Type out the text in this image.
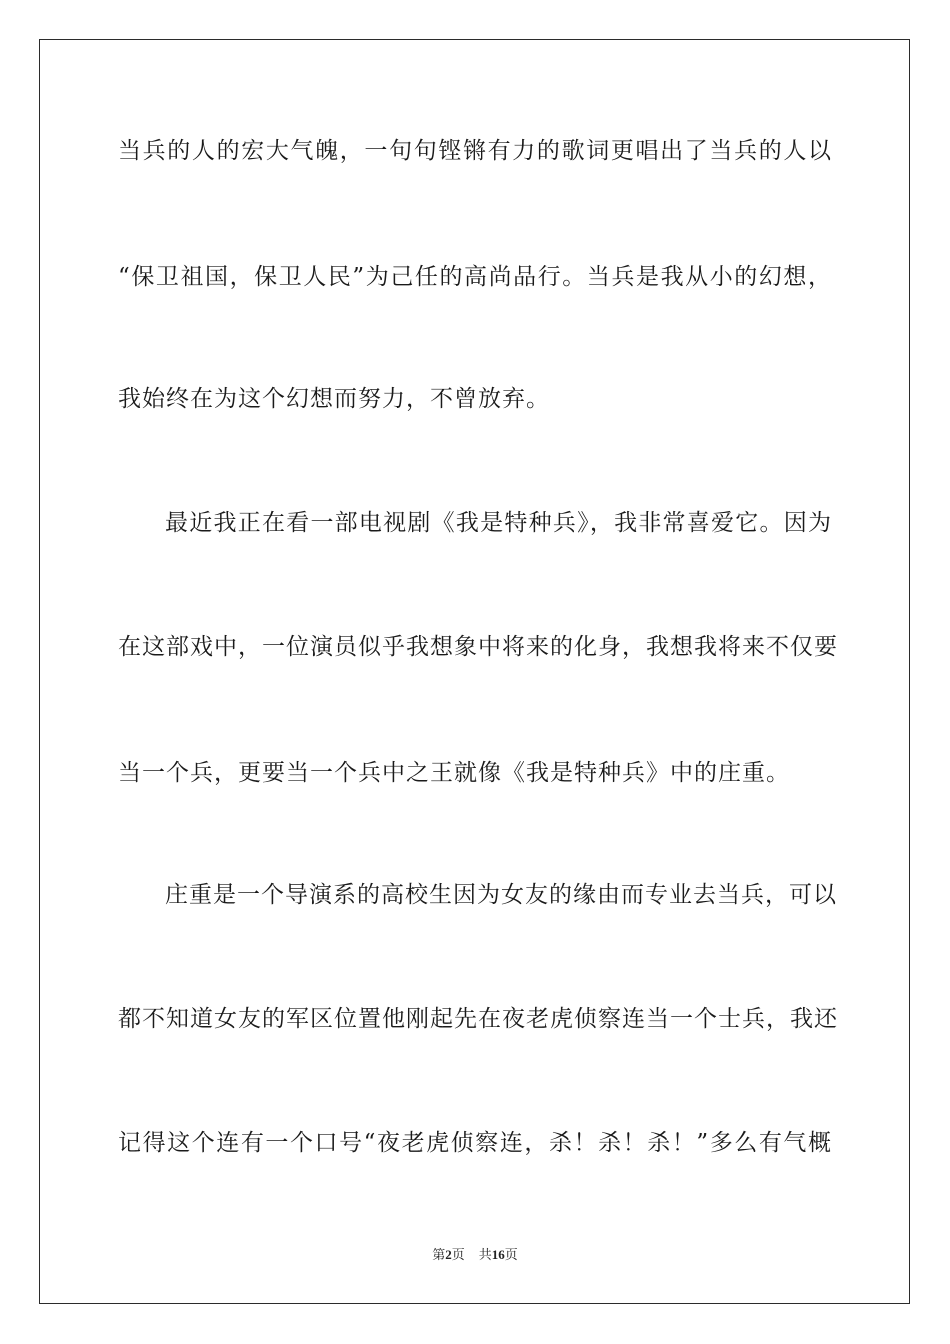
当兵的人的宏大气魄，一句句铿锵有力的歌词更唱出了当兵的人以
“保卫祖国，保卫人民”为己任的高尚品行。当兵是我从小的幻想，
我始终在为这个幻想而努力，不曾放弃。
最近我正在看一部电视剧《我是特种兵》，我非常喜爱它。因为
在这部戏中，一位演员似乎我想象中将来的化身，我想我将来不仅要
当一个兵，更要当一个兵中之王就像《我是特种兵》中的庄重。
庄重是一个导演系的高校生因为女友的缘由而专业去当兵，可以
都不知道女友的军区位置他刚起先在夜老虎侦察连当一个士兵，我还
记得这个连有一个口号“夜老虎侦察连，杀！杀！杀！”多么有气概
第2页 共16页
